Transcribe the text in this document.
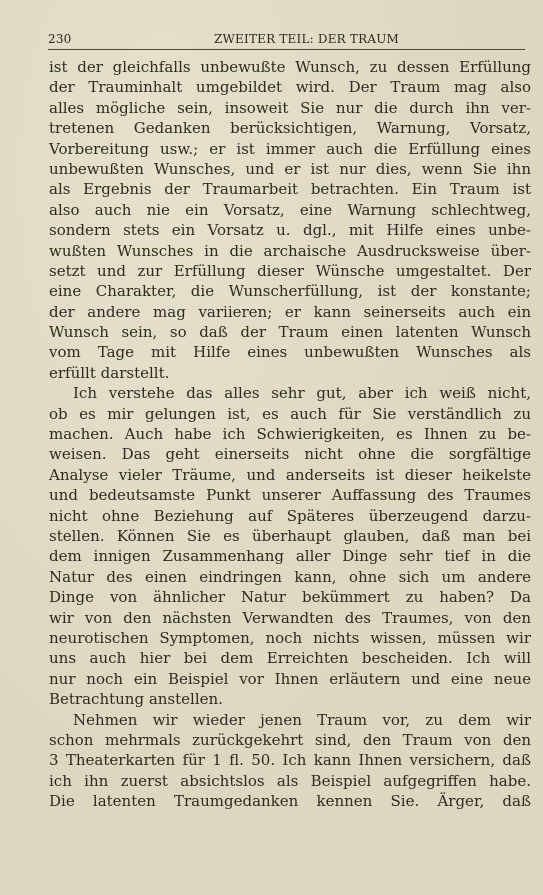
230	ZWEITER TEIL: DER TRAUM
ist der gleichfalls unbewußte Wunsch, zu dessen Erfüllung
der Trauminhalt umgebildet wird. Der Traum mag also
alles mögliche sein, insoweit Sie nur die durch ihn ver-
tretenen Gedanken berücksichtigen, Warnung, Vorsatz,
Vorbereitung usw.; er ist immer auch die Erfüllung eines
unbewußten Wunsches, und er ist nur dies, wenn Sie ihn
als Ergebnis der Traumarbeit betrachten. Ein Traum ist
also auch nie ein Vorsatz, eine Warnung schlechtweg,
sondern stets ein Vorsatz u. dgl., mit Hilfe eines unbe-
wußten Wunsches in die archaische Ausdrucksweise über-
setzt und zur Erfüllung dieser Wünsche umgestaltet. Der
eine Charakter, die Wunscherfüllung, ist der konstante;
der andere mag variieren; er kann seinerseits auch ein
Wunsch sein, so daß der Traum einen latenten Wunsch
vom Tage mit Hilfe eines unbewußten Wunsches als
erfüllt darstellt.
Ich verstehe das alles sehr gut, aber ich weiß nicht,
ob es mir gelungen ist, es auch für Sie verständlich zu
machen. Auch habe ich Schwierigkeiten, es Ihnen zu be-
weisen. Das geht einerseits nicht ohne die sorgfältige
Analyse vieler Träume, und anderseits ist dieser heikelste
und bedeutsamste Punkt unserer Auffassung des Traumes
nicht ohne Beziehung auf Späteres überzeugend darzu-
stellen. Können Sie es überhaupt glauben, daß man bei
dem innigen Zusammenhang aller Dinge sehr tief in die
Natur des einen eindringen kann, ohne sich um andere
Dinge von ähnlicher Natur bekümmert zu haben? Da
wir von den nächsten Verwandten des Traumes, von den
neurotischen Symptomen, noch nichts wissen, müssen wir
uns auch hier bei dem Erreichten bescheiden. Ich will
nur noch ein Beispiel vor Ihnen erläutern und eine neue
Betrachtung anstellen.
Nehmen wir wieder jenen Traum vor, zu dem wir
schon mehrmals zurückgekehrt sind, den Traum von den
3 Theaterkarten für 1 fl. 50. Ich kann Ihnen versichern, daß
ich ihn zuerst absichtslos als Beispiel aufgegriffen habe.
Die latenten Traumgedanken kennen Sie. Ärger, daß
